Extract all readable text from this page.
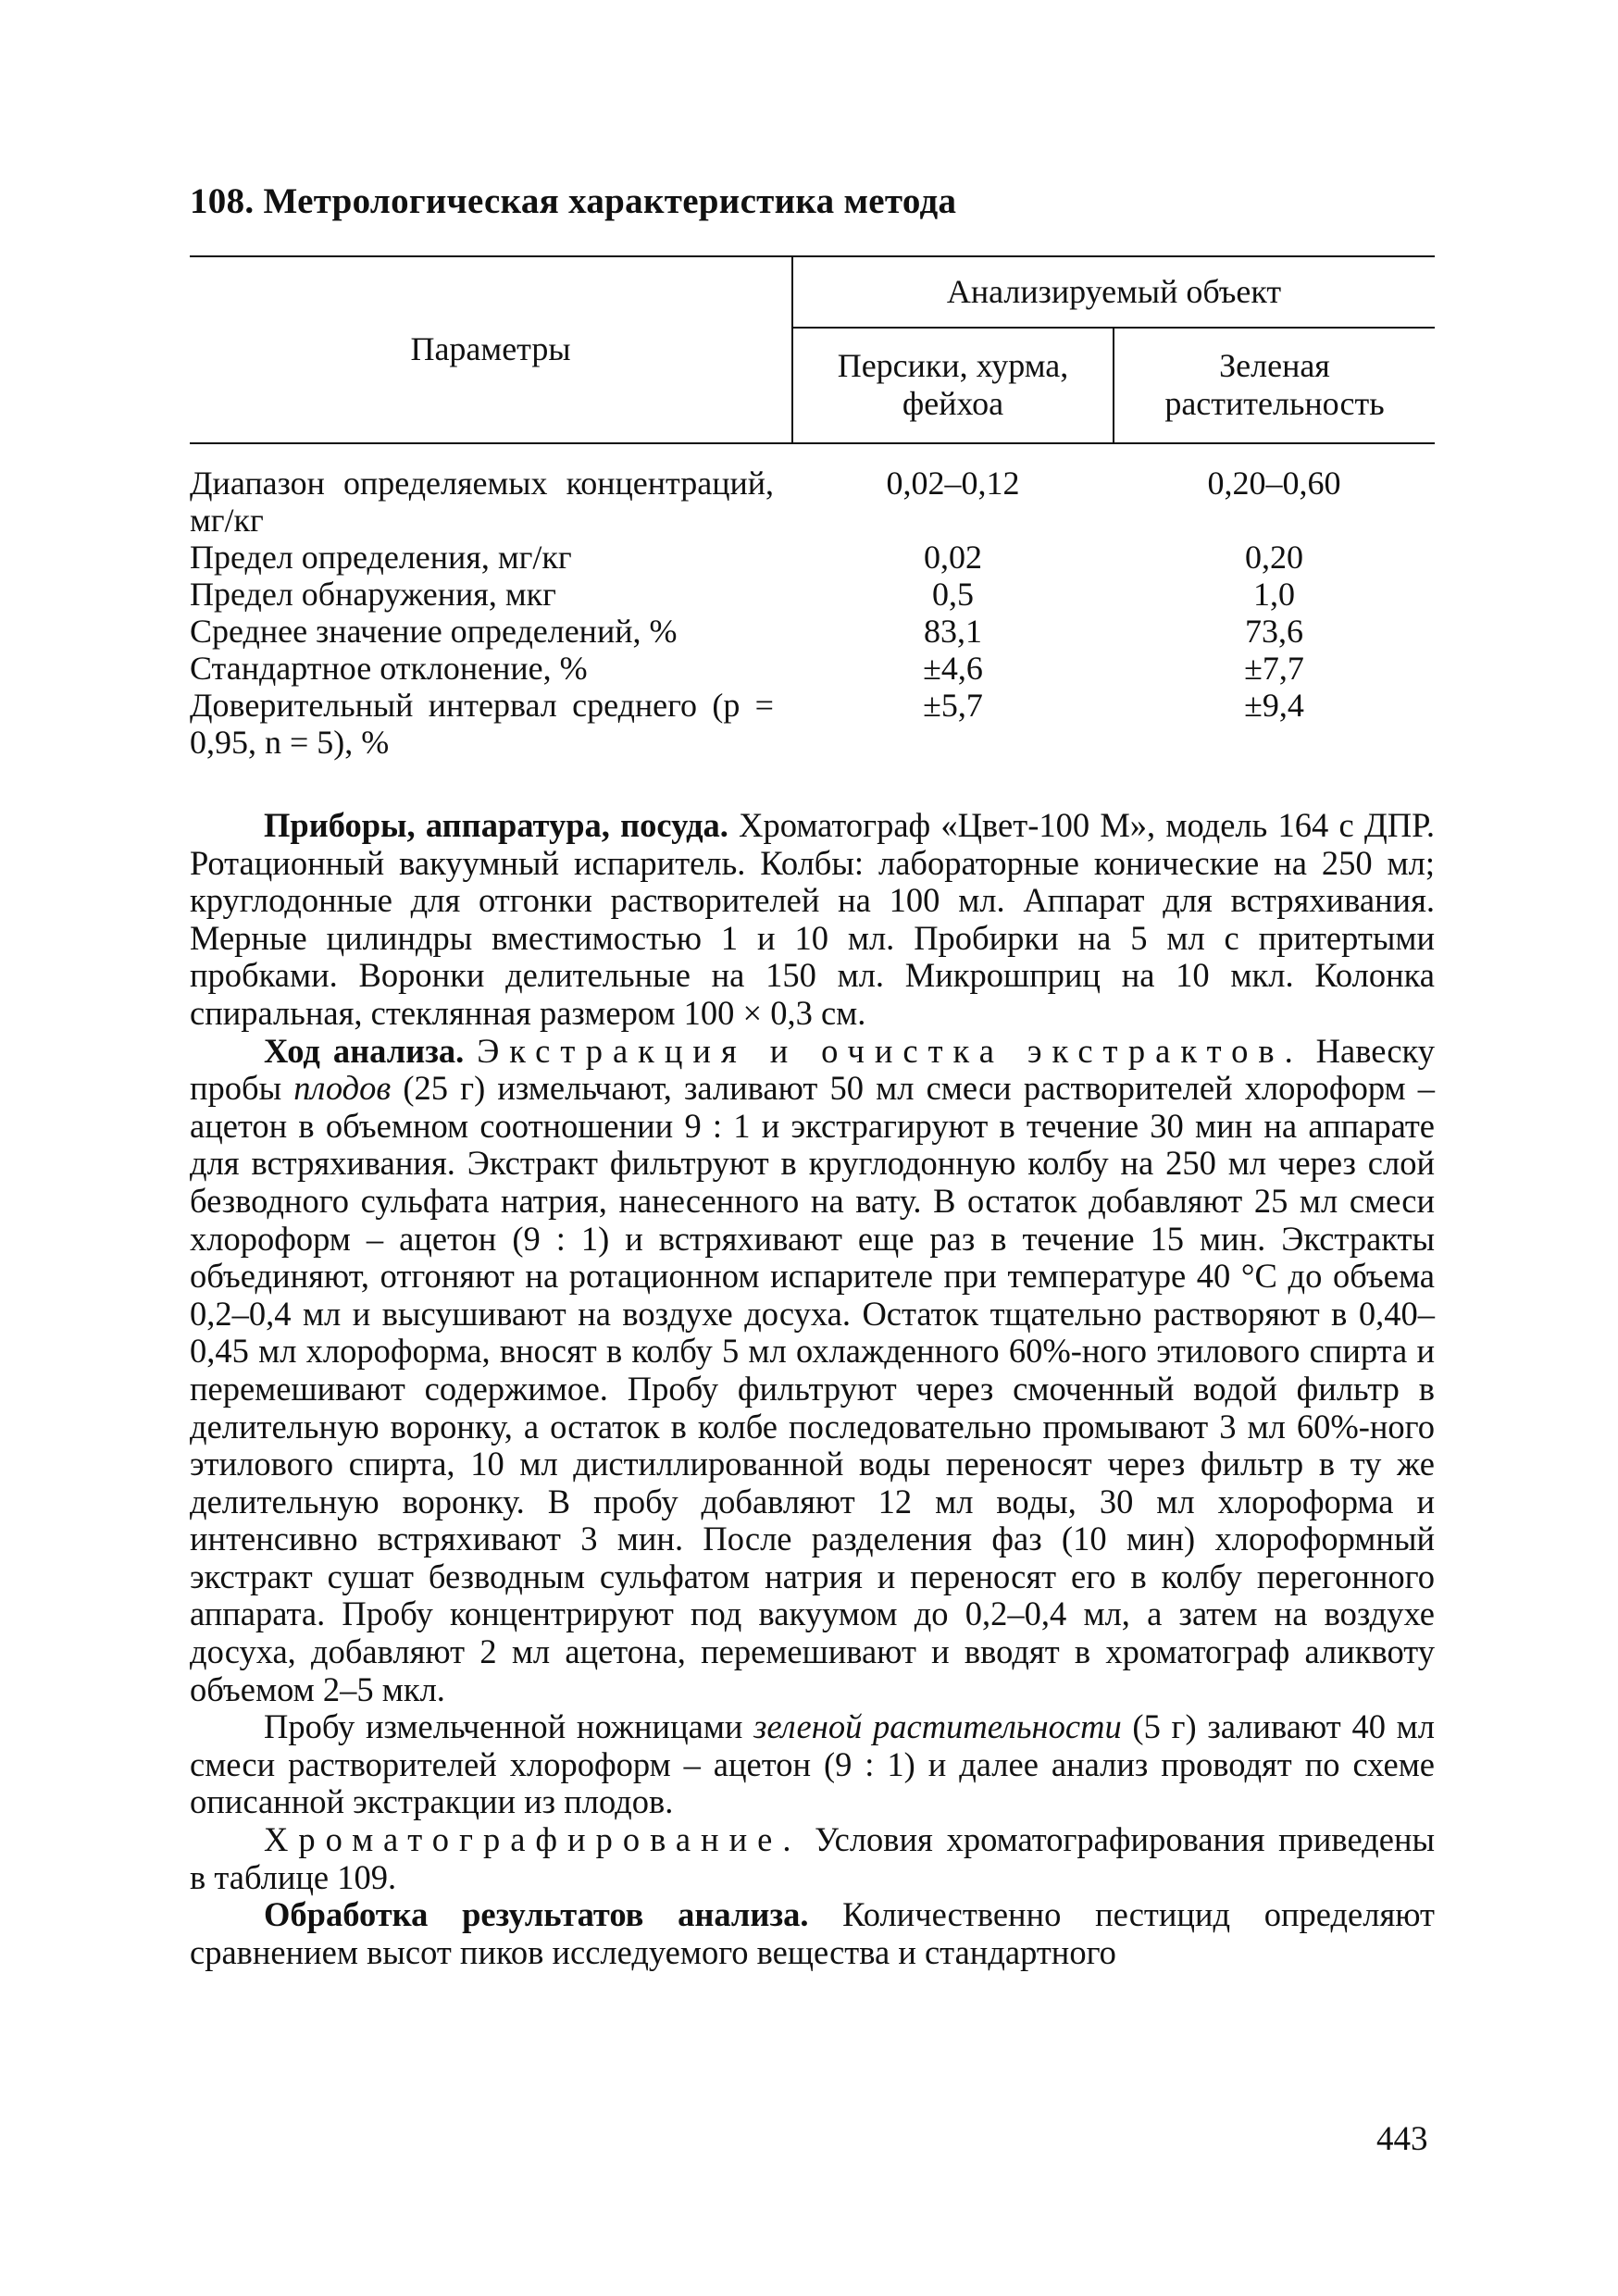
108. Метрологическая характеристика метода
Параметры	Анализируемый объект	
	Персики, хурма, фейхоа	Зеленая растительность
Диапазон определяемых концентраций, мг/кг	0,02–0,12	0,20–0,60
Предел определения, мг/кг	0,02	0,20
Предел обнаружения, мкг	0,5	1,0
Среднее значение определений, %	83,1	73,6
Стандартное отклонение, %	±4,6	±7,7
Доверительный интервал среднего (p = 0,95, n = 5), %	±5,7	±9,4

Приборы, аппаратура, посуда. Хроматограф «Цвет-100 М», модель 164 с ДПР. Ротационный вакуумный испаритель. Колбы: лабораторные конические на 250 мл; круглодонные для отгонки растворителей на 100 мл. Аппарат для встряхивания. Мерные цилиндры вместимостью 1 и 10 мл. Пробирки на 5 мл с притертыми пробками. Воронки делительные на 150 мл. Микрошприц на 10 мкл. Колонка спиральная, стеклянная размером 100 × 0,3 см.

Ход анализа. Экстракция и очистка экстрактов. Навеску пробы плодов (25 г) измельчают, заливают 50 мл смеси растворителей хлороформ – ацетон в объемном соотношении 9 : 1 и экстрагируют в течение 30 мин на аппарате для встряхивания. Экстракт фильтруют в круглодонную колбу на 250 мл через слой безводного сульфата натрия, нанесенного на вату. В остаток добавляют 25 мл смеси хлороформ – ацетон (9 : 1) и встряхивают еще раз в течение 15 мин. Экстракты объединяют, отгоняют на ротационном испарителе при температуре 40 °С до объема 0,2–0,4 мл и высушивают на воздухе досуха. Остаток тщательно растворяют в 0,40–0,45 мл хлороформа, вносят в колбу 5 мл охлажденного 60%-ного этилового спирта и перемешивают содержимое. Пробу фильтруют через смоченный водой фильтр в делительную воронку, а остаток в колбе последовательно промывают 3 мл 60%-ного этилового спирта, 10 мл дистиллированной воды переносят через фильтр в ту же делительную воронку. В пробу добавляют 12 мл воды, 30 мл хлороформа и интенсивно встряхивают 3 мин. После разделения фаз (10 мин) хлороформный экстракт сушат безводным сульфатом натрия и переносят его в колбу перегонного аппарата. Пробу концентрируют под вакуумом до 0,2–0,4 мл, а затем на воздухе досуха, добавляют 2 мл ацетона, перемешивают и вводят в хроматограф аликвоту объемом 2–5 мкл.

Пробу измельченной ножницами зеленой растительности (5 г) заливают 40 мл смеси растворителей хлороформ – ацетон (9 : 1) и далее анализ проводят по схеме описанной экстракции из плодов.

Хроматографирование. Условия хроматографирования приведены в таблице 109.

Обработка результатов анализа. Количественно пестицид определяют сравнением высот пиков исследуемого вещества и стандартного

443
